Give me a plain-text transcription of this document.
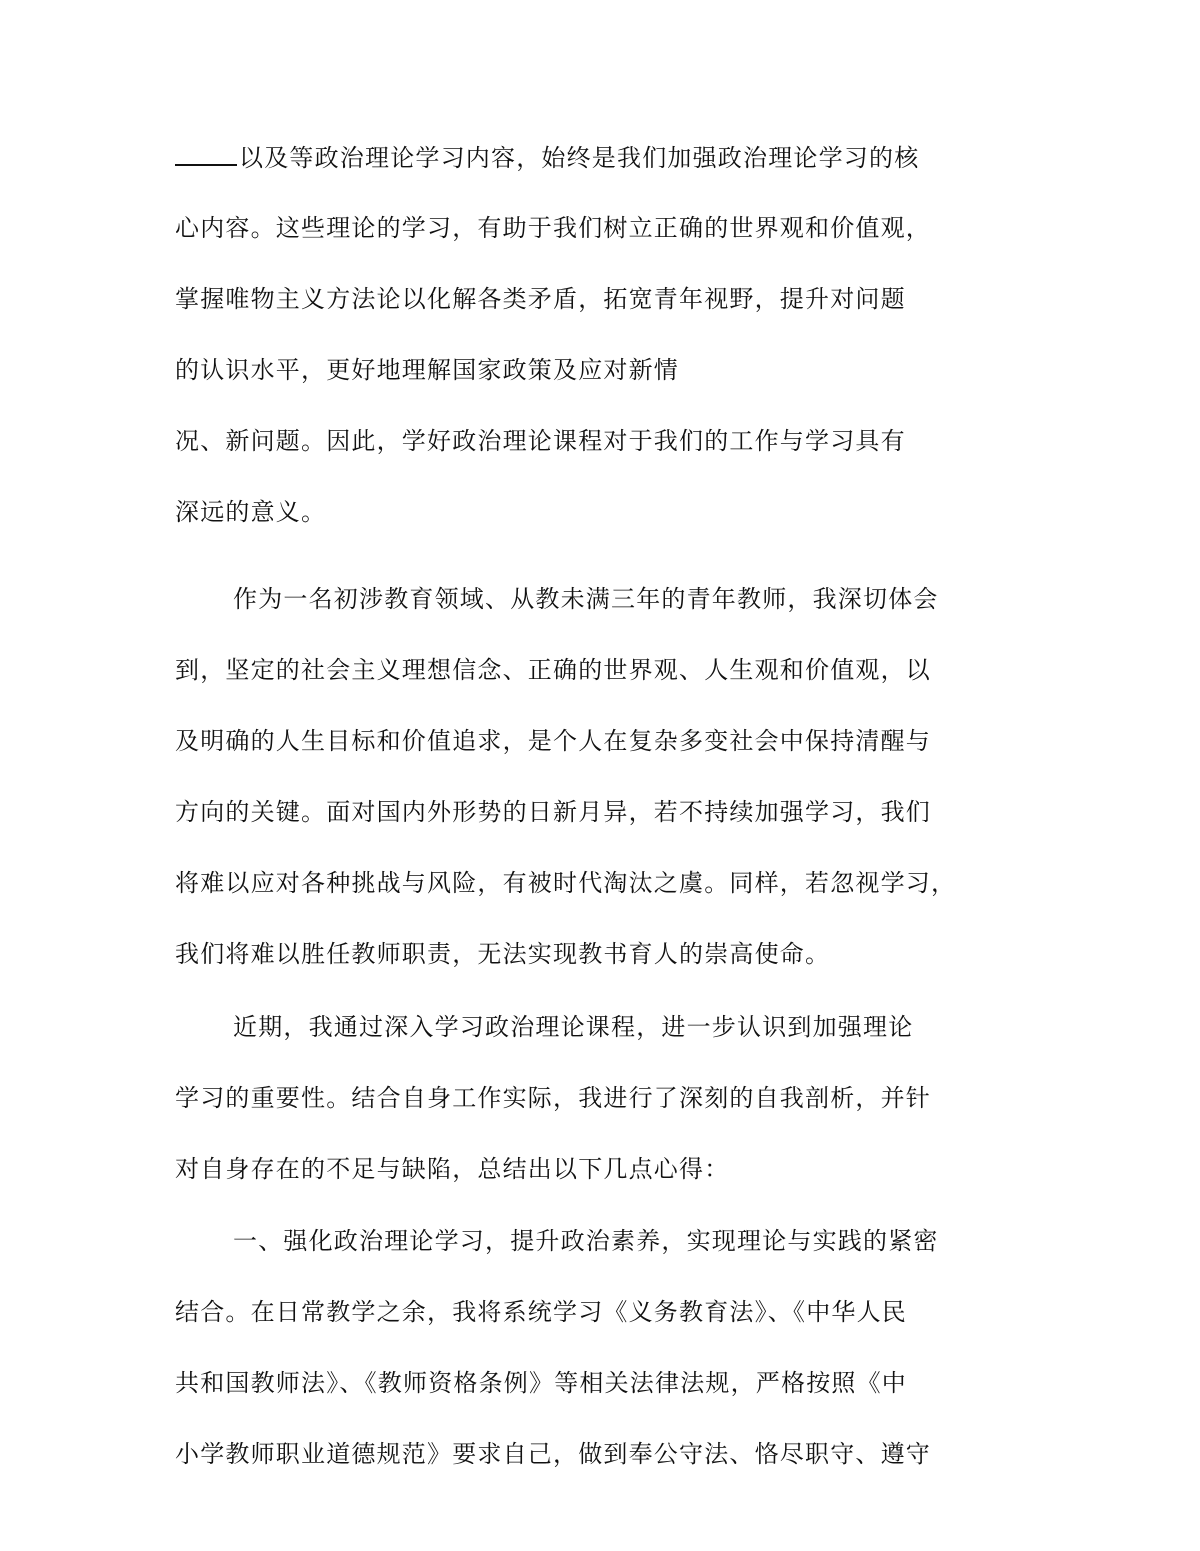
以及等政治理论学习内容，始终是我们加强政治理论学习的核

心内容。这些理论的学习，有助于我们树立正确的世界观和价值观，

掌握唯物主义方法论以化解各类矛盾，拓宽青年视野，提升对问题

的认识水平，更好地理解国家政策及应对新情

况、新问题。因此，学好政治理论课程对于我们的工作与学习具有

深远的意义。

作为一名初涉教育领域、从教未满三年的青年教师，我深切体会

到，坚定的社会主义理想信念、正确的世界观、人生观和价值观，以

及明确的人生目标和价值追求，是个人在复杂多变社会中保持清醒与

方向的关键。面对国内外形势的日新月异，若不持续加强学习，我们

将难以应对各种挑战与风险，有被时代淘汰之虞。同样，若忽视学习，

我们将难以胜任教师职责，无法实现教书育人的崇高使命。

近期，我通过深入学习政治理论课程，进一步认识到加强理论

学习的重要性。结合自身工作实际，我进行了深刻的自我剖析，并针

对自身存在的不足与缺陷，总结出以下几点心得：

一、强化政治理论学习，提升政治素养，实现理论与实践的紧密

结合。在日常教学之余，我将系统学习《义务教育法》、《中华人民

共和国教师法》、《教师资格条例》等相关法律法规，严格按照《中

小学教师职业道德规范》要求自己，做到奉公守法、恪尽职守、遵守
